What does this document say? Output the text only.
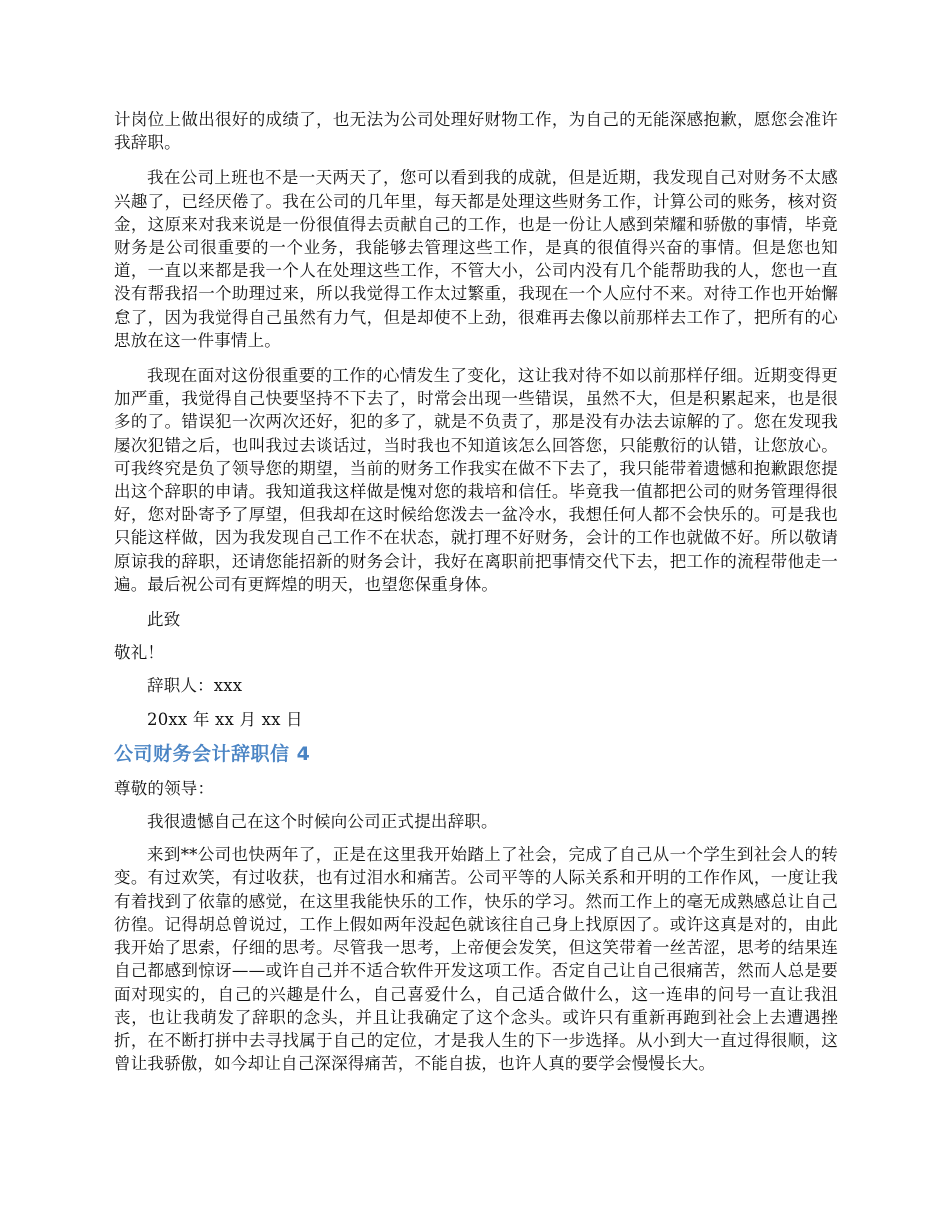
计岗位上做出很好的成绩了，也无法为公司处理好财物工作，为自己的无能深感抱歉，愿您会准许我辞职。

我在公司上班也不是一天两天了，您可以看到我的成就，但是近期，我发现自己对财务不太感兴趣了，已经厌倦了。我在公司的几年里，每天都是处理这些财务工作，计算公司的账务，核对资金，这原来对我来说是一份很值得去贡献自己的工作，也是一份让人感到荣耀和骄傲的事情，毕竟财务是公司很重要的一个业务，我能够去管理这些工作，是真的很值得兴奋的事情。但是您也知道，一直以来都是我一个人在处理这些工作，不管大小，公司内没有几个能帮助我的人，您也一直没有帮我招一个助理过来，所以我觉得工作太过繁重，我现在一个人应付不来。对待工作也开始懈怠了，因为我觉得自己虽然有力气，但是却使不上劲，很难再去像以前那样去工作了，把所有的心思放在这一件事情上。

我现在面对这份很重要的工作的心情发生了变化，这让我对待不如以前那样仔细。近期变得更加严重，我觉得自己快要坚持不下去了，时常会出现一些错误，虽然不大，但是积累起来，也是很多的了。错误犯一次两次还好，犯的多了，就是不负责了，那是没有办法去谅解的了。您在发现我屡次犯错之后，也叫我过去谈话过，当时我也不知道该怎么回答您，只能敷衍的认错，让您放心。可我终究是负了领导您的期望，当前的财务工作我实在做不下去了，我只能带着遗憾和抱歉跟您提出这个辞职的申请。我知道我这样做是愧对您的栽培和信任。毕竟我一值都把公司的财务管理得很好，您对卧寄予了厚望，但我却在这时候给您泼去一盆冷水，我想任何人都不会快乐的。可是我也只能这样做，因为我发现自己工作不在状态，就打理不好财务，会计的工作也就做不好。所以敬请原谅我的辞职，还请您能招新的财务会计，我好在离职前把事情交代下去，把工作的流程带他走一遍。最后祝公司有更辉煌的明天，也望您保重身体。

此致

敬礼！

辞职人：xxx

20xx 年 xx 月 xx 日

公司财务会计辞职信 4

尊敬的领导：

我很遗憾自己在这个时候向公司正式提出辞职。

来到**公司也快两年了，正是在这里我开始踏上了社会，完成了自己从一个学生到社会人的转变。有过欢笑，有过收获，也有过泪水和痛苦。公司平等的人际关系和开明的工作作风，一度让我有着找到了依靠的感觉，在这里我能快乐的工作，快乐的学习。然而工作上的毫无成熟感总让自己彷徨。记得胡总曾说过，工作上假如两年没起色就该往自己身上找原因了。或许这真是对的，由此我开始了思索，仔细的思考。尽管我一思考，上帝便会发笑，但这笑带着一丝苦涩，思考的结果连自己都感到惊讶——或许自己并不适合软件开发这项工作。否定自己让自己很痛苦，然而人总是要面对现实的，自己的兴趣是什么，自己喜爱什么，自己适合做什么，这一连串的问号一直让我沮丧，也让我萌发了辞职的念头，并且让我确定了这个念头。或许只有重新再跑到社会上去遭遇挫折，在不断打拼中去寻找属于自己的定位，才是我人生的下一步选择。从小到大一直过得很顺，这曾让我骄傲，如今却让自己深深得痛苦，不能自拔，也许人真的要学会慢慢长大。
